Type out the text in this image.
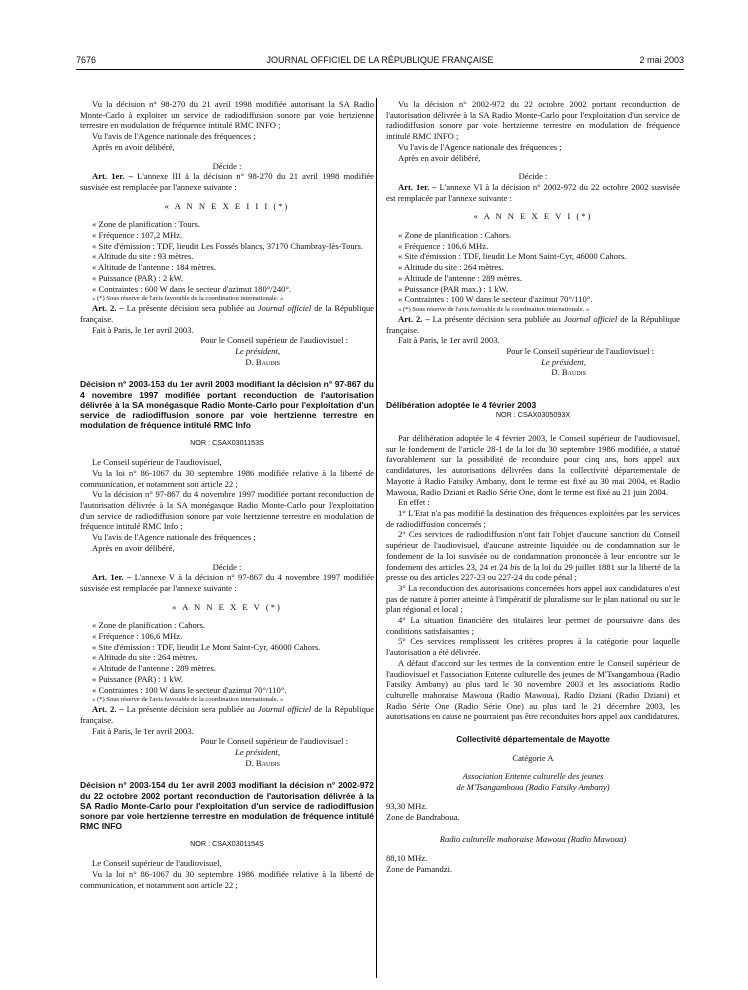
7676	JOURNAL OFFICIEL DE LA RÉPUBLIQUE FRANÇAISE	2 mai 2003

Vu la décision n° 98-270 du 21 avril 1998 modifiée autorisant la SA Radio Monte-Carlo à exploiter un service de radiodiffusion sonore par voie hertzienne terrestre en modulation de fréquence intitulé RMC INFO ;

Vu l'avis de l'Agence nationale des fréquences ;

Après en avoir délibéré,

Décide :

Art. 1er. – L'annexe III à la décision n° 98-270 du 21 avril 1998 modifiée susvisée est remplacée par l'annexe suivante :

« A N N E X E I I I (*)

« Zone de planification : Tours.

« Fréquence : 107,2 MHz.

« Site d'émission : TDF, lieudit Les Fossés blancs, 37170 Chambray-lès-Tours.

« Altitude du site : 93 mètres.

« Altitude de l'antenne : 184 mètres.

« Puissance (PAR) : 2 kW.

« Contraintes : 600 W dans le secteur d'azimut 180°/240°.

« (*) Sous réserve de l'avis favorable de la coordination internationale. »

Art. 2. – La présente décision sera publiée au Journal officiel de la République française.

Fait à Paris, le 1er avril 2003.

Pour le Conseil supérieur de l'audiovisuel :

Le président,

D. Baudis

Décision n° 2003-153 du 1er avril 2003 modifiant la décision n° 97-867 du 4 novembre 1997 modifiée portant reconduction de l'autorisation délivrée à la SA monégasque Radio Monte-Carlo pour l'exploitation d'un service de radiodiffusion sonore par voie hertzienne terrestre en modulation de fréquence intitulé RMC Info

NOR : CSAX0301153S

Le Conseil supérieur de l'audiovisuel,

Vu la loi n° 86-1067 du 30 septembre 1986 modifiée relative à la liberté de communication, et notamment son article 22 ;

Vu la décision n° 97-867 du 4 novembre 1997 modifiée portant reconduction de l'autorisation délivrée à la SA monégasque Radio Monte-Carlo pour l'exploitation d'un service de radiodiffusion sonore par voie hertzienne terrestre en modulation de fréquence intitulé RMC Info ;

Vu l'avis de l'Agence nationale des fréquences ;

Après en avoir délibéré,

Décide :

Art. 1er. – L'annexe V à la décision n° 97-867 du 4 novembre 1997 modifiée susvisée est remplacée par l'annexe suivante :

« A N N E X E V (*)

« Zone de planification : Cahors.

« Fréquence : 106,6 MHz.

« Site d'émission : TDF, lieudit Le Mont Saint-Cyr, 46000 Cahors.

« Altitude du site : 264 mètres.

« Altitude de l'antenne : 289 mètres.

« Puissance (PAR) : 1 kW.

« Contraintes : 100 W dans le secteur d'azimut 70°/110°.

« (*) Sous réserve de l'avis favorable de la coordination internationale. »

Art. 2. – La présente décision sera publiée au Journal officiel de la République française.

Fait à Paris, le 1er avril 2003.

Pour le Conseil supérieur de l'audiovisuel :

Le président,

D. Baudis

Décision n° 2003-154 du 1er avril 2003 modifiant la décision n° 2002-972 du 22 octobre 2002 portant reconduction de l'autorisation délivrée à la SA Radio Monte-Carlo pour l'exploitation d'un service de radiodiffusion sonore par voie hertzienne terrestre en modulation de fréquence intitulé RMC INFO

NOR : CSAX0301154S

Le Conseil supérieur de l'audiovisuel,

Vu la loi n° 86-1067 du 30 septembre 1986 modifiée relative à la liberté de communication, et notamment son article 22 ;

Vu la décision n° 2002-972 du 22 octobre 2002 portant reconduction de l'autorisation délivrée à la SA Radio Monte-Carlo pour l'exploitation d'un service de radiodiffusion sonore par voie hertzienne terrestre en modulation de fréquence intitulé RMC INFO ;

Vu l'avis de l'Agence nationale des fréquences ;

Après en avoir délibéré,

Décide :

Art. 1er. – L'annexe VI à la décision n° 2002-972 du 22 octobre 2002 susvisée est remplacée par l'annexe suivante :

« A N N E X E V I (*)

« Zone de planification : Cahors.

« Fréquence : 106,6 MHz.

« Site d'émission : TDF, lieudit Le Mont Saint-Cyr, 46000 Cahors.

« Altitude du site : 264 mètres.

« Altitude de l'antenne : 289 mètres.

« Puissance (PAR max.) : 1 kW.

« Contraintes : 100 W dans le secteur d'azimut 70°/110°.

« (*) Sous réserve de l'avis favorable de la coordination internationale. »

Art. 2. – La présente décision sera publiée au Journal officiel de la République française.

Fait à Paris, le 1er avril 2003.

Pour le Conseil supérieur de l'audiovisuel :

Le président,

D. Baudis

Délibération adoptée le 4 février 2003

NOR : CSAX0305093X

Par délibération adoptée le 4 février 2003, le Conseil supérieur de l'audiovisuel, sur le fondement de l'article 28-1 de la loi du 30 septembre 1986 modifiée, a statué favorablement sur la possibilité de reconduire pour cinq ans, hors appel aux candidatures, les autorisations délivrées dans la collectivité départementale de Mayotte à Radio Fatsiky Ambany, dont le terme est fixé au 30 mai 2004, et Radio Mawoua, Radio Dziani et Radio Série One, dont le terme est fixé au 21 juin 2004.

En effet :

1° L'Etat n'a pas modifié la destination des fréquences exploitées par les services de radiodiffusion concernés ;

2° Ces services de radiodiffusion n'ont fait l'objet d'aucune sanction du Conseil supérieur de l'audiovisuel, d'aucune astreinte liquidée ou de condamnation sur le fondement de la loi susvisée ou de condamnation prononcée à leur encontre sur le fondement des articles 23, 24 et 24 bis de la loi du 29 juillet 1881 sur la liberté de la presse ou des articles 227-23 ou 227-24 du code pénal ;

3° La reconduction des autorisations concernées hors appel aux candidatures n'est pas de nature à porter atteinte à l'impératif de pluralisme sur le plan national ou sur le plan régional et local ;

4° La situation financière des titulaires leur permet de poursuivre dans des conditions satisfaisantes ;

5° Ces services remplissent les critères propres à la catégorie pour laquelle l'autorisation a été délivrée.

A défaut d'accord sur les termes de la convention entre le Conseil supérieur de l'audiovisuel et l'association Entente culturelle des jeunes de M'Tsangamboua (Radio Fatsiky Ambany) au plus tard le 30 novembre 2003 et les associations Radio culturelle mahoraise Mawoua (Radio Mawoua), Radio Dziani (Radio Dziani) et Radio Série One (Radio Série One) au plus tard le 21 décembre 2003, les autorisations en cause ne pourraient pas être reconduites hors appel aux candidatures.

Collectivité départementale de Mayotte

Catégorie A

Association Entente culturelle des jeunes

de M'Tsangamboua (Radio Fatsiky Ambany)

93,30 MHz.

Zone de Bandraboua.

Radio culturelle mahoraise Mawoua (Radio Mawoua)

88,10 MHz.

Zone de Pamandzi.
